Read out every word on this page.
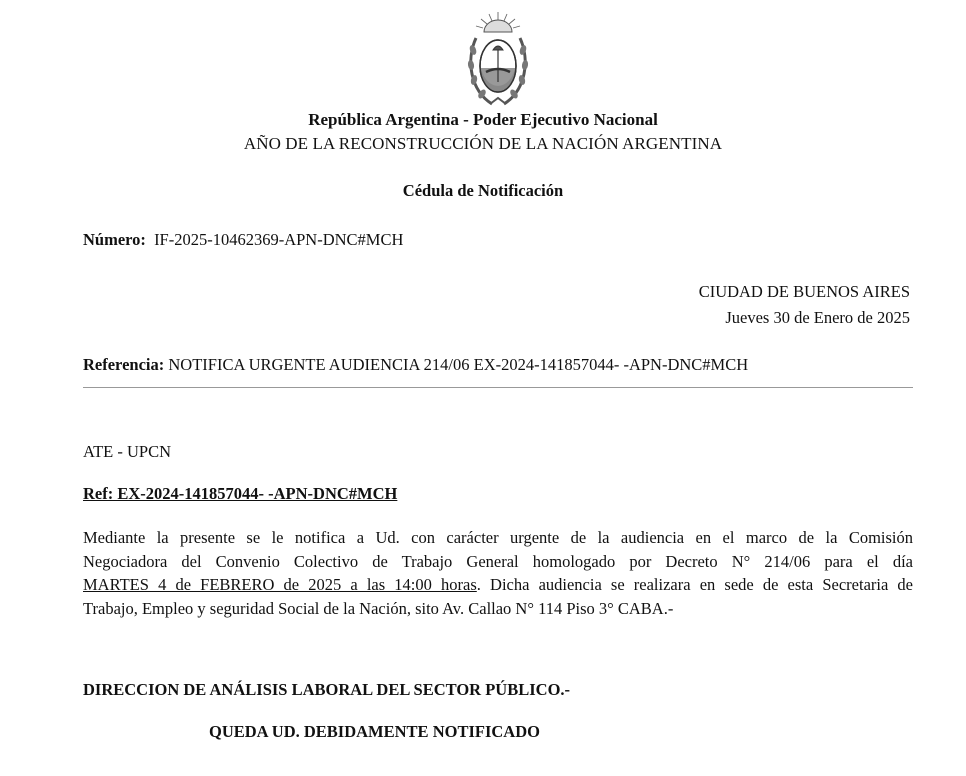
República Argentina - Poder Ejecutivo Nacional
AÑO DE LA RECONSTRUCCIÓN DE LA NACIÓN ARGENTINA
Cédula de Notificación
Número: IF-2025-10462369-APN-DNC#MCH
CIUDAD DE BUENOS AIRES
Jueves 30 de Enero de 2025
Referencia: NOTIFICA URGENTE AUDIENCIA 214/06 EX-2024-141857044- -APN-DNC#MCH
ATE - UPCN
Ref: EX-2024-141857044- -APN-DNC#MCH
Mediante la presente se le notifica a Ud. con carácter urgente de la audiencia en el marco de la Comisión
Negociadora del Convenio Colectivo de Trabajo General homologado por Decreto N° 214/06 para el día
MARTES 4 de FEBRERO de 2025 a las 14:00 horas. Dicha audiencia se realizara en sede de esta Secretaria de
Trabajo, Empleo y seguridad Social de la Nación, sito Av. Callao N° 114 Piso 3° CABA.-
DIRECCION DE ANÁLISIS LABORAL DEL SECTOR PÚBLICO.-
QUEDA UD. DEBIDAMENTE NOTIFICADO
